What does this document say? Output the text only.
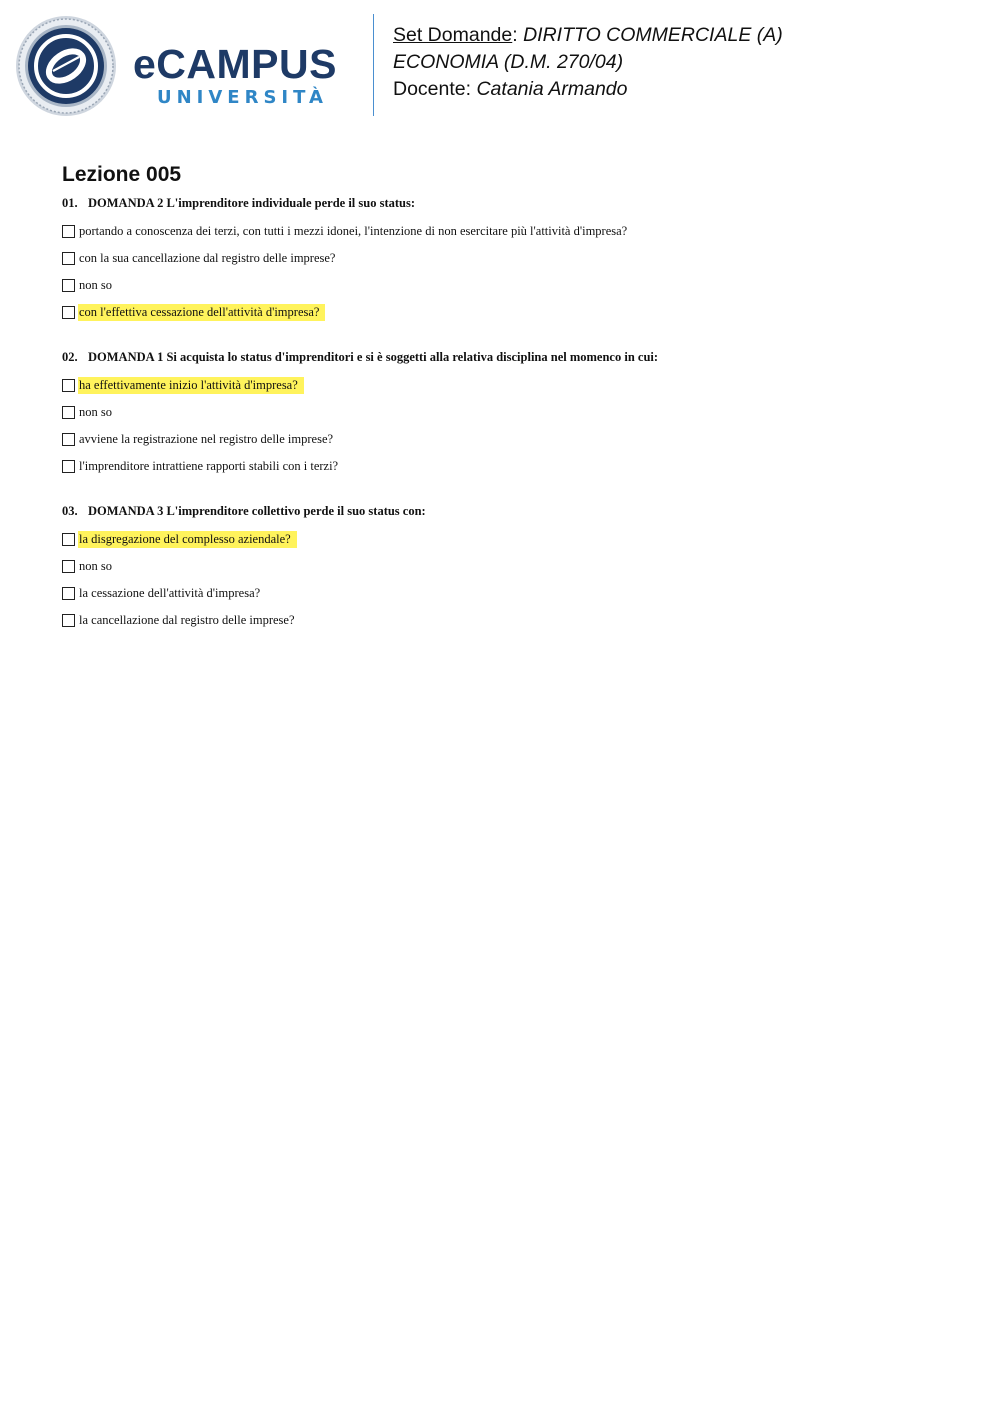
eCAMPUS
UNIVERSITÀ
Set Domande: DIRITTO COMMERCIALE (A)
ECONOMIA (D.M. 270/04)
Docente: Catania Armando
Lezione 005
01. DOMANDA 2 L'imprenditore individuale perde il suo status:
portando a conoscenza dei terzi, con tutti i mezzi idonei, l'intenzione di non esercitare più l'attività d'impresa?
con la sua cancellazione dal registro delle imprese?
non so
con l'effettiva cessazione dell'attività d'impresa?
02. DOMANDA 1 Si acquista lo status d'imprenditori e si è soggetti alla relativa disciplina nel momenco in cui:
ha effettivamente inizio l'attività d'impresa?
non so
avviene la registrazione nel registro delle imprese?
l'imprenditore intrattiene rapporti stabili con i terzi?
03. DOMANDA 3 L'imprenditore collettivo perde il suo status con:
la disgregazione del complesso aziendale?
non so
la cessazione dell'attività d'impresa?
la cancellazione dal registro delle imprese?
